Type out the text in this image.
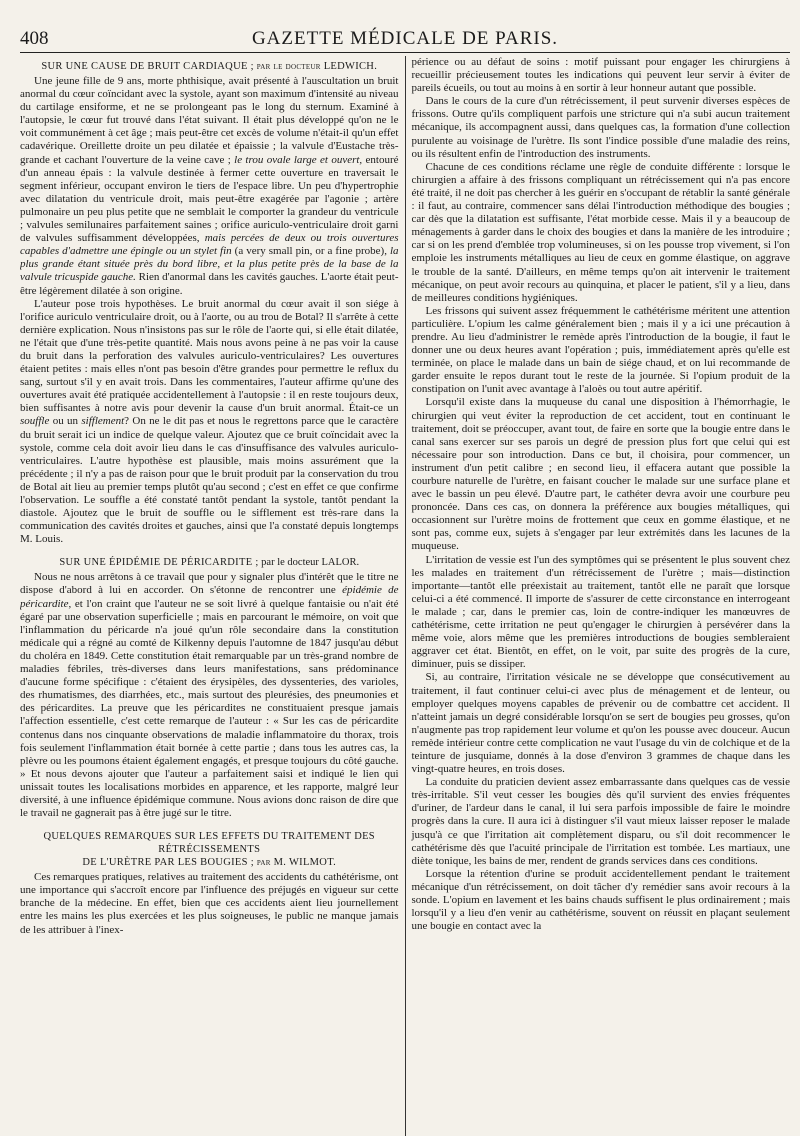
408	GAZETTE MÉDICALE DE PARIS.
SUR UNE CAUSE DE BRUIT CARDIAQUE ; par le docteur LEDWICH.

Une jeune fille de 9 ans, morte phthisique, avait présenté à l'auscultation un bruit anormal du cœur coïncidant avec la systole, ayant son maximum d'intensité au niveau du cartilage ensiforme, et ne se prolongeant pas le long du sternum. Examiné à l'autopsie, le cœur fut trouvé dans l'état suivant. Il était plus développé qu'on ne le voit communément à cet âge ; mais peut-être cet excès de volume n'était-il qu'un effet cadavérique. Oreillette droite un peu dilatée et épaissie ; la valvule d'Eustache très-grande et cachant l'ouverture de la veine cave ; le trou ovale large et ouvert, entouré d'un anneau épais : la valvule destinée à fermer cette ouverture en traversait le segment inférieur, occupant environ le tiers de l'espace libre. Un peu d'hypertrophie avec dilatation du ventricule droit, mais peut-être exagérée par l'agonie ; artère pulmonaire un peu plus petite que ne semblait le comporter la grandeur du ventricule ; valvules semilunaires parfaitement saines ; orifice auriculo-ventriculaire droit garni de valvules suffisamment développées, mais percées de deux ou trois ouvertures capables d'admettre une épingle ou un stylet fin (a very small pin, or a fine probe), la plus grande étant située près du bord libre, et la plus petite près de la base de la valvule tricuspide gauche. Rien d'anormal dans les cavités gauches. L'aorte était peut-être légèrement dilatée à son origine.

L'auteur pose trois hypothèses. Le bruit anormal du cœur avait il son siége à l'orifice auriculo ventriculaire droit, ou à l'aorte, ou au trou de Botal? Il s'arrête à cette dernière explication. Nous n'insistons pas sur le rôle de l'aorte qui, si elle était dilatée, ne l'était que d'une très-petite quantité. Mais nous avons peine à ne pas voir la cause du bruit dans la perforation des valvules auriculo-ventriculaires? Les ouvertures étaient petites : mais elles n'ont pas besoin d'être grandes pour permettre le reflux du sang, surtout s'il y en avait trois. Dans les commentaires, l'auteur affirme qu'une des ouvertures avait été pratiquée accidentellement à l'autopsie : il en reste toujours deux, bien suffisantes à notre avis pour devenir la cause d'un bruit anormal. Était-ce un souffle ou un sifflement? On ne le dit pas et nous le regrettons parce que le caractère du bruit serait ici un indice de quelque valeur. Ajoutez que ce bruit coïncidait avec la systole, comme cela doit avoir lieu dans le cas d'insuffisance des valvules auriculo-ventriculaires. L'autre hypothèse est plausible, mais moins assurément que la précédente ; il n'y a pas de raison pour que le bruit produit par la conservation du trou de Botal ait lieu au premier temps plutôt qu'au second ; c'est en effet ce que confirme l'observation. Le souffle a été constaté tantôt pendant la systole, tantôt pendant la diastole. Ajoutez que le bruit de souffle ou le sifflement est très-rare dans la communication des cavités droites et gauches, ainsi que l'a constaté depuis longtemps M. Louis.

SUR UNE ÉPIDÉMIE DE PÉRICARDITE ; par le docteur LALOR.

Nous ne nous arrêtons à ce travail que pour y signaler plus d'intérêt que le titre ne dispose d'abord à lui en accorder. On s'étonne de rencontrer une épidémie de péricardite, et l'on craint que l'auteur ne se soit livré à quelque fantaisie ou n'ait été égaré par une observation superficielle ; mais en parcourant le mémoire, on voit que l'inflammation du péricarde n'a joué qu'un rôle secondaire dans la constitution médicale qui a régné au comté de Kilkenny depuis l'automne de 1847 jusqu'au début du choléra en 1849. Cette constitution était remarquable par un très-grand nombre de maladies fébriles, très-diverses dans leurs manifestations, sans prédominance d'aucune forme spécifique : c'étaient des érysipèles, des dyssenteries, des varioles, des rhumatismes, des diarrhées, etc., mais surtout des pleurésies, des pneumonies et des péricardites. La preuve que les péricardites ne constituaient presque jamais l'affection essentielle, c'est cette remarque de l'auteur : « Sur les cas de péricardite contenus dans nos cinquante observations de maladie inflammatoire du thorax, trois fois seulement l'inflammation était bornée à cette partie ; dans tous les autres cas, la plèvre ou les poumons étaient également engagés, et presque toujours du côté gauche. » Et nous devons ajouter que l'auteur a parfaitement saisi et indiqué le lien qui unissait toutes les localisations morbides en apparence, et les rapporte, malgré leur diversité, à une influence épidémique commune. Nous avions donc raison de dire que le travail ne gagnerait pas à être jugé sur le titre.

QUELQUES REMARQUES SUR LES EFFETS DU TRAITEMENT DES RÉTRÉCISSEMENTS
DE L'URÈTRE PAR LES BOUGIES ; par M. WILMOT.

Ces remarques pratiques, relatives au traitement des accidents du cathétérisme, ont une importance qui s'accroît encore par l'influence des préjugés en vigueur sur cette branche de la médecine. En effet, bien que ces accidents aient lieu journellement entre les mains les plus exercées et les plus soigneuses, le public ne manque jamais de les attribuer à l'inex-

périence ou au défaut de soins : motif puissant pour engager les chirurgiens à recueillir précieusement toutes les indications qui peuvent leur servir à éviter de pareils écueils, ou tout au moins à en sortir à leur honneur autant que possible.

Dans le cours de la cure d'un rétrécissement, il peut survenir diverses espèces de frissons. Outre qu'ils compliquent parfois une stricture qui n'a subi aucun traitement mécanique, ils accompagnent aussi, dans quelques cas, la formation d'une collection purulente au voisinage de l'urètre. Ils sont l'indice possible d'une maladie des reins, ou ils résultent enfin de l'introduction des instruments.

Chacune de ces conditions réclame une règle de conduite différente : lorsque le chirurgien a affaire à des frissons compliquant un rétrécissement qui n'a pas encore été traité, il ne doit pas chercher à les guérir en s'occupant de rétablir la santé générale : il faut, au contraire, commencer sans délai l'introduction méthodique des bougies ; car dès que la dilatation est suffisante, l'état morbide cesse. Mais il y a beaucoup de ménagements à garder dans le choix des bougies et dans la manière de les introduire ; car si on les prend d'emblée trop volumineuses, si on les pousse trop vivement, si l'on emploie les instruments métalliques au lieu de ceux en gomme élastique, on aggrave le trouble de la santé. D'ailleurs, en même temps qu'on ait intervenir le traitement mécanique, on peut avoir recours au quinquina, et placer le patient, s'il y a lieu, dans de meilleures conditions hygiéniques.

Les frissons qui suivent assez fréquemment le cathétérisme méritent une attention particulière. L'opium les calme généralement bien ; mais il y a ici une précaution à prendre. Au lieu d'administrer le remède après l'introduction de la bougie, il faut le donner une ou deux heures avant l'opération ; puis, immédiatement après qu'elle est terminée, on place le malade dans un bain de siége chaud, et on lui recommande de garder ensuite le repos durant tout le reste de la journée. Si l'opium produit de la constipation on l'unit avec avantage à l'aloès ou tout autre apéritif.

Lorsqu'il existe dans la muqueuse du canal une disposition à l'hémorrhagie, le chirurgien qui veut éviter la reproduction de cet accident, tout en continuant le traitement, doit se préoccuper, avant tout, de faire en sorte que la bougie entre dans le canal sans exercer sur ses parois un degré de pression plus fort que celui qui est nécessaire pour son introduction. Dans ce but, il choisira, pour commencer, un instrument d'un petit calibre ; en second lieu, il effacera autant que possible la courbure naturelle de l'urètre, en faisant coucher le malade sur une surface plane et avec le bassin un peu élevé. D'autre part, le cathéter devra avoir une courbure peu prononcée. Dans ces cas, on donnera la préférence aux bougies métalliques, qui occasionnent sur l'urètre moins de frottement que ceux en gomme élastique, et ne sont pas, comme eux, sujets à s'engager par leur extrémités dans les lacunes de la muqueuse.

L'irritation de vessie est l'un des symptômes qui se présentent le plus souvent chez les malades en traitement d'un rétrécissement de l'urètre ; mais—distinction importante—tantôt elle préexistait au traitement, tantôt elle ne paraît que lorsque celui-ci a été commencé. Il importe de s'assurer de cette circonstance en interrogeant le malade ; car, dans le premier cas, loin de contre-indiquer les manœuvres de cathétérisme, cette irritation ne peut qu'engager le chirurgien à persévérer dans la même voie, alors même que les premières introductions de bougies sembleraient aggraver cet état. Bientôt, en effet, on le voit, par suite des progrès de la cure, diminuer, puis se dissiper.

Si, au contraire, l'irritation vésicale ne se développe que consécutivement au traitement, il faut continuer celui-ci avec plus de ménagement et de lenteur, ou employer quelques moyens capables de prévenir ou de combattre cet accident. Il n'atteint jamais un degré considérable lorsqu'on se sert de bougies peu grosses, qu'on n'augmente pas trop rapidement leur volume et qu'on les pousse avec douceur. Aucun remède intérieur contre cette complication ne vaut l'usage du vin de colchique et de la teinture de jusquiame, donnés à la dose d'environ 3 grammes de chaque dans les vingt-quatre heures, en trois doses.

La conduite du praticien devient assez embarrassante dans quelques cas de vessie très-irritable. S'il veut cesser les bougies dès qu'il survient des envies fréquentes d'uriner, de l'ardeur dans le canal, il lui sera parfois impossible de faire le moindre progrès dans la cure. Il aura ici à distinguer s'il vaut mieux laisser reposer le malade jusqu'à ce que l'irritation ait complètement disparu, ou s'il doit recommencer le cathétérisme dès que l'acuité principale de l'irritation est tombée. Les martiaux, une diète tonique, les bains de mer, rendent de grands services dans ces conditions.

Lorsque la rétention d'urine se produit accidentellement pendant le traitement mécanique d'un rétrécissement, on doit tâcher d'y remédier sans avoir recours à la sonde. L'opium en lavement et les bains chauds suffisent le plus ordinairement ; mais lorsqu'il y a lieu d'en venir au cathétérisme, souvent on réussit en plaçant seulement une bougie en contact avec la
